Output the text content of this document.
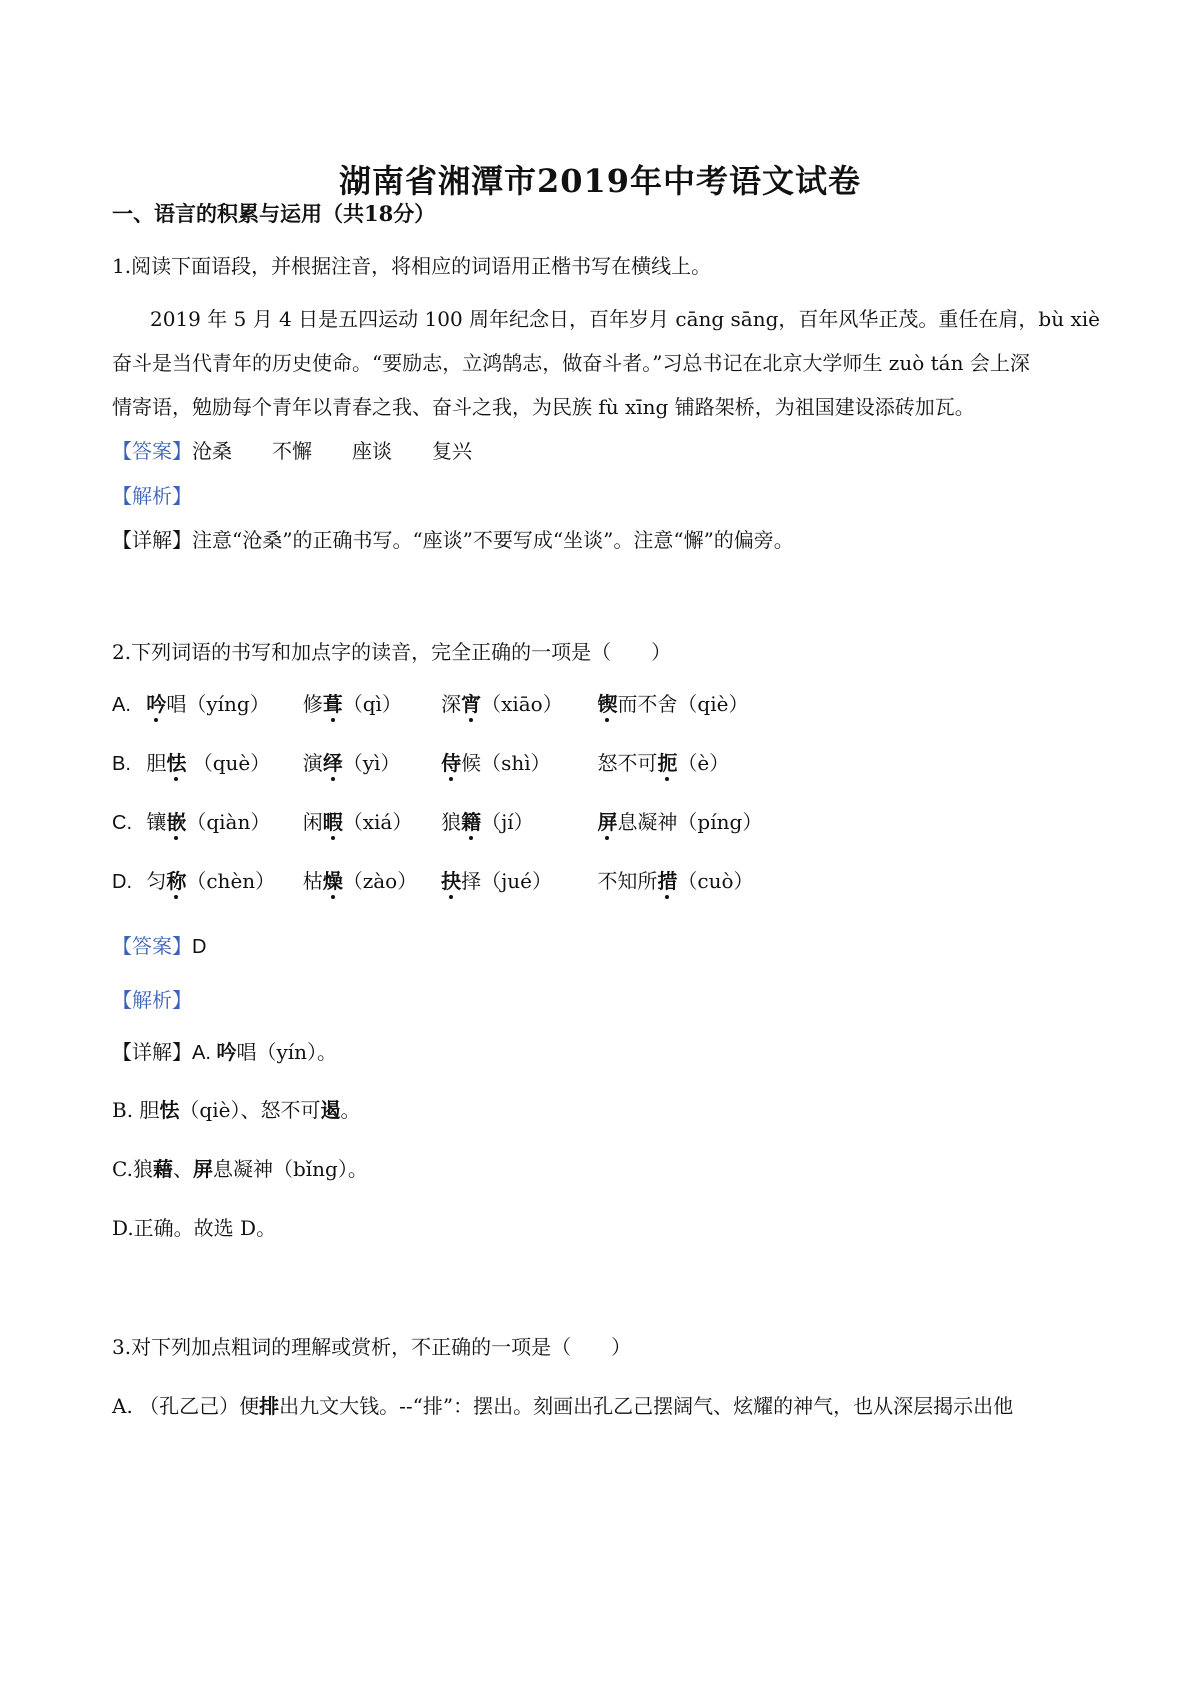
湖南省湘潭市2019年中考语文试卷
一、语言的积累与运用（共18分）
1.阅读下面语段，并根据注音，将相应的词语用正楷书写在横线上。
2019 年 5 月 4 日是五四运动 100 周年纪念日，百年岁月 cāng sāng，百年风华正茂。重任在肩，bù xiè
奋斗是当代青年的历史使命。“要励志，立鸿鹄志，做奋斗者。”习总书记在北京大学师生 zuò tán 会上深
情寄语，勉励每个青年以青春之我、奋斗之我，为民族 fù xīng 铺路架桥，为祖国建设添砖加瓦。
【答案】沧桑 不懈 座谈 复兴
【解析】
【详解】注意“沧桑”的正确书写。“座谈”不要写成“坐谈”。注意“懈”的偏旁。
2.下列词语的书写和加点字的读音，完全正确的一项是（　　）
A. 吟唱（yíng） 修葺（qì） 深宵（xiāo） 锲而不舍（qiè）
B. 胆怯 （què） 演绎（yì） 侍候（shì） 怒不可扼（è）
C. 镶嵌（qiàn） 闲暇（xiá） 狼籍（jí）	屏息凝神（píng）
D. 匀称（chèn） 枯燥（zào） 抉择（jué） 不知所措（cuò）
【答案】D
【解析】
【详解】A. 吟唱（yín）。
B. 胆怯（qiè）、怒不可遏。
C.狼藉、屏息凝神（bǐng）。
D.正确。故选 D。
3.对下列加点粗词的理解或赏析，不正确的一项是（　　）
A. （孔乙己）便排出九文大钱。--“排”：摆出。刻画出孔乙己摆阔气、炫耀的神气，也从深层揭示出他
